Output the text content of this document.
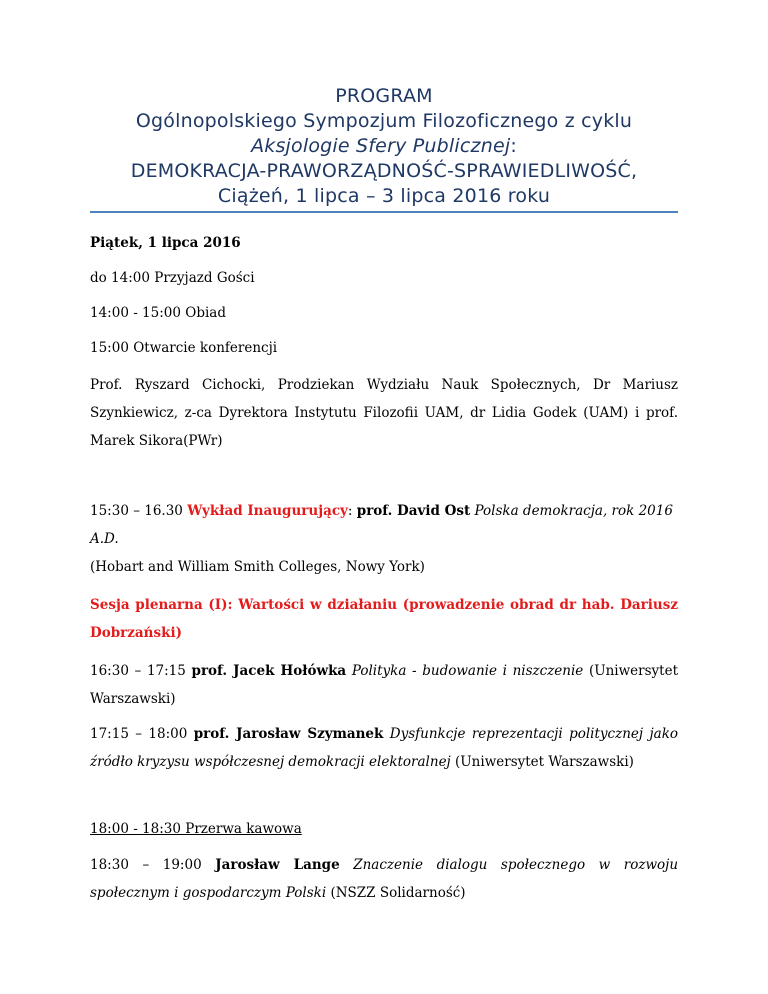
PROGRAM
Ogólnopolskiego Sympozjum Filozoficznego z cyklu
Aksjologie Sfery Publicznej:
DEMOKRACJA-PRAWORZĄDNOŚĆ-SPRAWIEDLIWOŚĆ,
Ciążeń, 1 lipca – 3 lipca 2016 roku
Piątek, 1 lipca 2016
do 14:00 Przyjazd Gości
14:00 - 15:00 Obiad
15:00 Otwarcie konferencji
Prof. Ryszard Cichocki, Prodziekan Wydziału Nauk Społecznych, Dr Mariusz Szynkiewicz, z-ca Dyrektora Instytutu Filozofii UAM, dr Lidia Godek (UAM) i prof. Marek Sikora(PWr)
15:30 – 16.30 Wykład Inaugurujący: prof. David Ost Polska demokracja, rok 2016 A.D.
(Hobart and William Smith Colleges, Nowy York)
Sesja plenarna (I): Wartości w działaniu (prowadzenie obrad dr hab. Dariusz Dobrzański)
16:30 – 17:15 prof. Jacek Hołówka Polityka - budowanie i niszczenie (Uniwersytet Warszawski)
17:15 – 18:00 prof. Jarosław Szymanek Dysfunkcje reprezentacji politycznej jako źródło kryzysu współczesnej demokracji elektoralnej (Uniwersytet Warszawski)
18:00 - 18:30 Przerwa kawowa
18:30 – 19:00 Jarosław Lange Znaczenie dialogu społecznego w rozwoju społecznym i gospodarczym Polski (NSZZ Solidarność)
